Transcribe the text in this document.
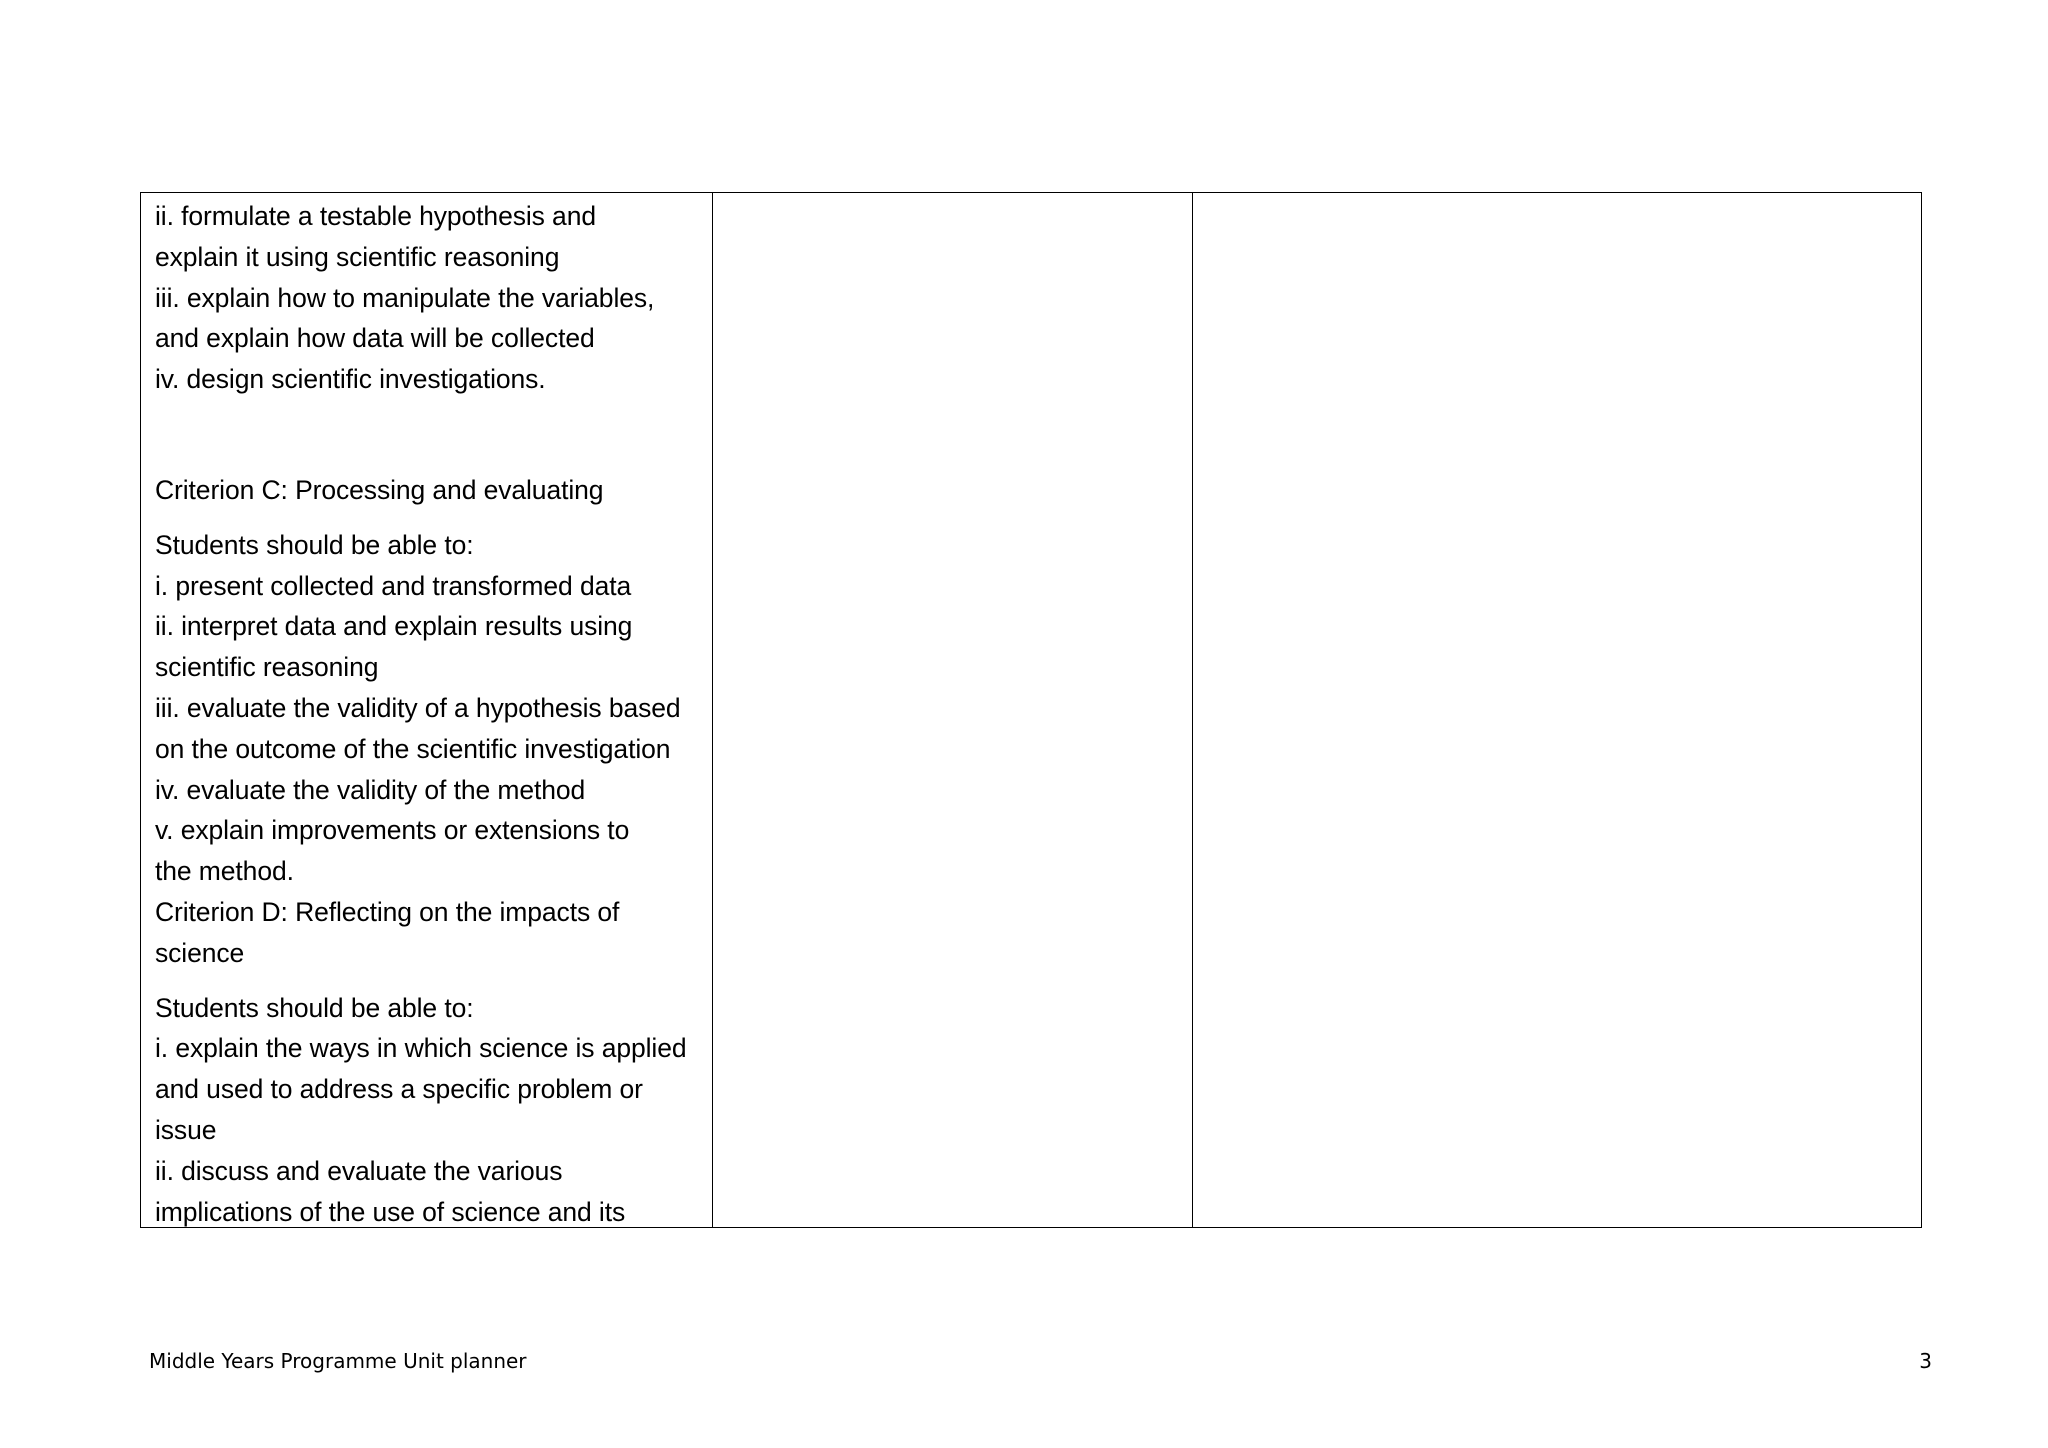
ii. formulate a testable hypothesis and
explain it using scientific reasoning
iii. explain how to manipulate the variables,
and explain how data will be collected
iv. design scientific investigations.
Criterion C: Processing and evaluating
Students should be able to:
i. present collected and transformed data
ii. interpret data and explain results using
scientific reasoning
iii. evaluate the validity of a hypothesis based
on the outcome of the scientific investigation
iv. evaluate the validity of the method
v. explain improvements or extensions to
the method.
Criterion D: Reflecting on the impacts of
science
Students should be able to:
i. explain the ways in which science is applied
and used to address a specific problem or
issue
ii. discuss and evaluate the various
implications of the use of science and its
Middle Years Programme Unit planner	3
